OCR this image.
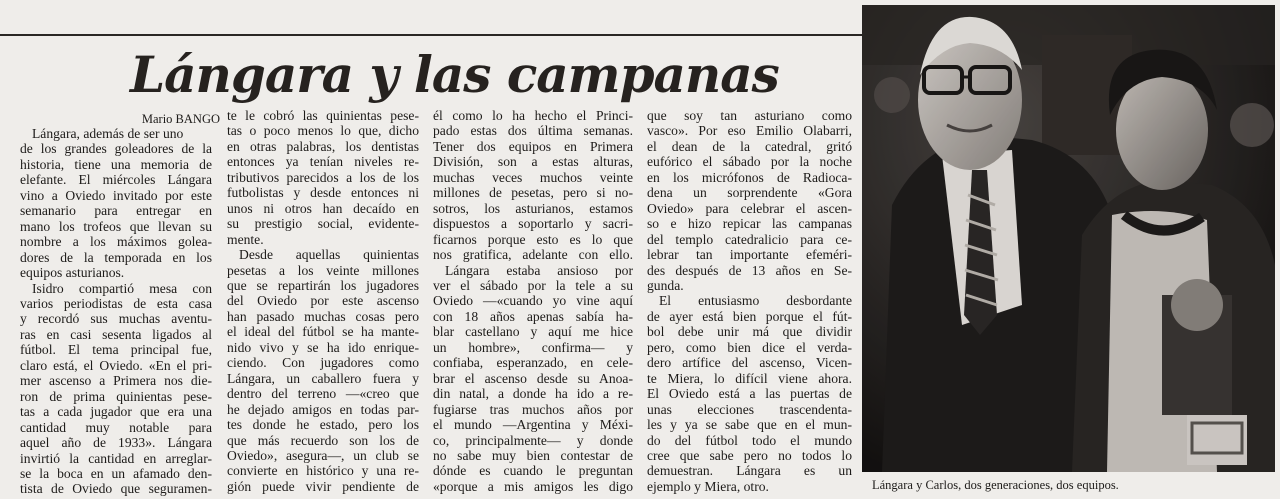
Lángara y las campanas
Mario BANGO
Lángara, además de ser uno
de los grandes goleadores de la
historia, tiene una memoria de
elefante. El miércoles Lángara
vino a Oviedo invitado por este
semanario para entregar en
mano los trofeos que llevan su
nombre a los máximos golea-
dores de la temporada en los
equipos asturianos.
Isidro compartió mesa con
varios periodistas de esta casa
y recordó sus muchas aventu-
ras en casi sesenta ligados al
fútbol. El tema principal fue,
claro está, el Oviedo. «En el pri-
mer ascenso a Primera nos die-
ron de prima quinientas pese-
tas a cada jugador que era una
cantidad muy notable para
aquel año de 1933». Lángara
invirtió la cantidad en arreglar-
se la boca en un afamado den-
tista de Oviedo que seguramen-
te le cobró las quinientas pese-
tas o poco menos lo que, dicho
en otras palabras, los dentistas
entonces ya tenían niveles re-
tributivos parecidos a los de los
futbolistas y desde entonces ni
unos ni otros han decaído en
su prestigio social, evidente-
mente.
Desde aquellas quinientas
pesetas a los veinte millones
que se repartirán los jugadores
del Oviedo por este ascenso
han pasado muchas cosas pero
el ideal del fútbol se ha mante-
nido vivo y se ha ido enrique-
ciendo. Con jugadores como
Lángara, un caballero fuera y
dentro del terreno —«creo que
he dejado amigos en todas par-
tes donde he estado, pero los
que más recuerdo son los de
Oviedo», asegura—, un club se
convierte en histórico y una re-
gión puede vivir pendiente de
él como lo ha hecho el Princi-
pado estas dos última semanas.
Tener dos equipos en Primera
División, son a estas alturas,
muchas veces muchos veinte
millones de pesetas, pero si no-
sotros, los asturianos, estamos
dispuestos a soportarlo y sacri-
ficarnos porque esto es lo que
nos gratifica, adelante con ello.
Lángara estaba ansioso por
ver el sábado por la tele a su
Oviedo —«cuando yo vine aquí
con 18 años apenas sabía ha-
blar castellano y aquí me hice
un hombre», confirma— y
confiaba, esperanzado, en cele-
brar el ascenso desde su Anoa-
din natal, a donde ha ido a re-
fugiarse tras muchos años por
el mundo —Argentina y Méxi-
co, principalmente— y donde
no sabe muy bien contestar de
dónde es cuando le preguntan
«porque a mis amigos les digo
que soy tan asturiano como
vasco». Por eso Emilio Olabarri,
el dean de la catedral, gritó
eufórico el sábado por la noche
en los micrófonos de Radioca-
dena un sorprendente «Gora
Oviedo» para celebrar el ascen-
so e hizo repicar las campanas
del templo catedralicio para ce-
lebrar tan importante efeméri-
des después de 13 años en Se-
gunda.
El entusiasmo desbordante
de ayer está bien porque el fút-
bol debe unir má que dividir
pero, como bien dice el verda-
dero artífice del ascenso, Vicen-
te Miera, lo difícil viene ahora.
El Oviedo está a las puertas de
unas elecciones trascendenta-
les y ya se sabe que en el mun-
do del fútbol todo el mundo
cree que sabe pero no todos lo
demuestran. Lángara es un
ejemplo y Miera, otro.	Lángara y Carlos, dos generaciones, dos equipos.
